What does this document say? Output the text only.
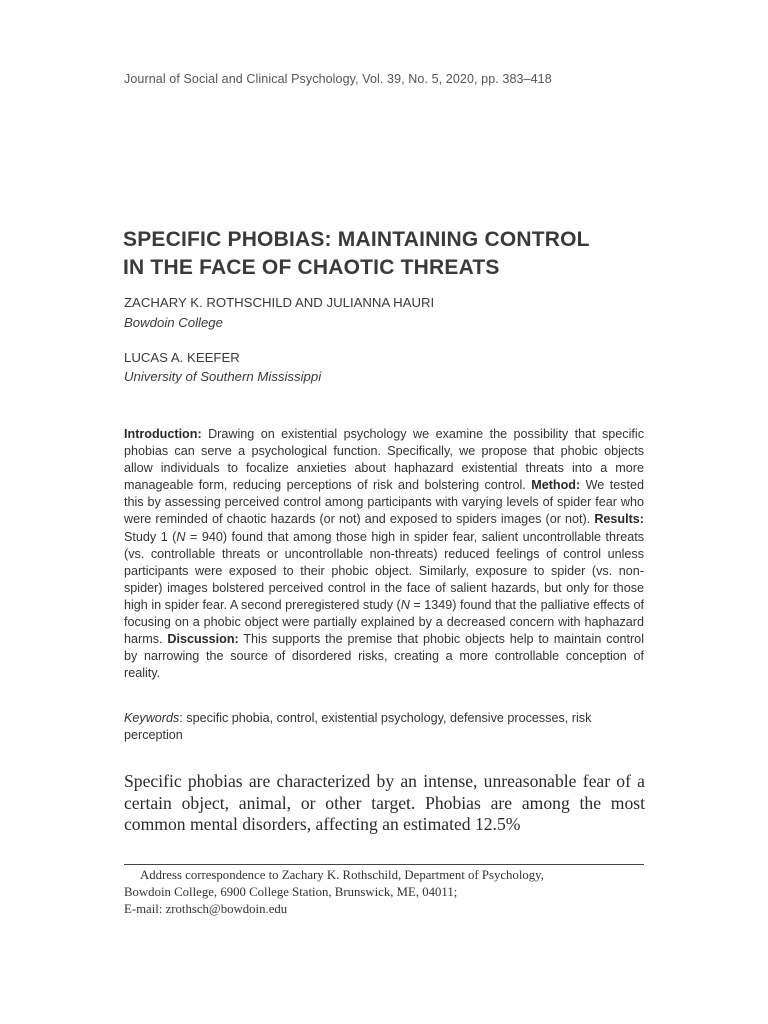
Journal of Social and Clinical Psychology, Vol. 39, No. 5, 2020, pp. 383–418
SPECIFIC PHOBIAS: MAINTAINING CONTROL
IN THE FACE OF CHAOTIC THREATS
ZACHARY K. ROTHSCHILD AND JULIANNA HAURI
Bowdoin College
LUCAS A. KEEFER
University of Southern Mississippi
Introduction: Drawing on existential psychology we examine the possibility that specific phobias can serve a psychological function. Specifically, we propose that phobic objects allow individuals to focalize anxieties about haphazard existential threats into a more manageable form, reducing perceptions of risk and bolstering control. Method: We tested this by assessing perceived control among participants with varying levels of spider fear who were reminded of chaotic hazards (or not) and exposed to spiders images (or not). Results: Study 1 (N = 940) found that among those high in spider fear, salient uncontrollable threats (vs. controllable threats or uncontrollable non-threats) reduced feelings of control unless participants were exposed to their phobic object. Similarly, exposure to spider (vs. non-spider) images bolstered perceived control in the face of salient hazards, but only for those high in spider fear. A second preregistered study (N = 1349) found that the palliative effects of focusing on a phobic object were partially explained by a decreased concern with haphazard harms. Discussion: This supports the premise that phobic objects help to maintain control by narrowing the source of disordered risks, creating a more controllable conception of reality.
Keywords: specific phobia, control, existential psychology, defensive processes, risk perception
Specific phobias are characterized by an intense, unreasonable fear of a certain object, animal, or other target. Phobias are among the most common mental disorders, affecting an estimated 12.5%
Address correspondence to Zachary K. Rothschild, Department of Psychology,
Bowdoin College, 6900 College Station, Brunswick, ME, 04011;
E-mail: zrothsch@bowdoin.edu
